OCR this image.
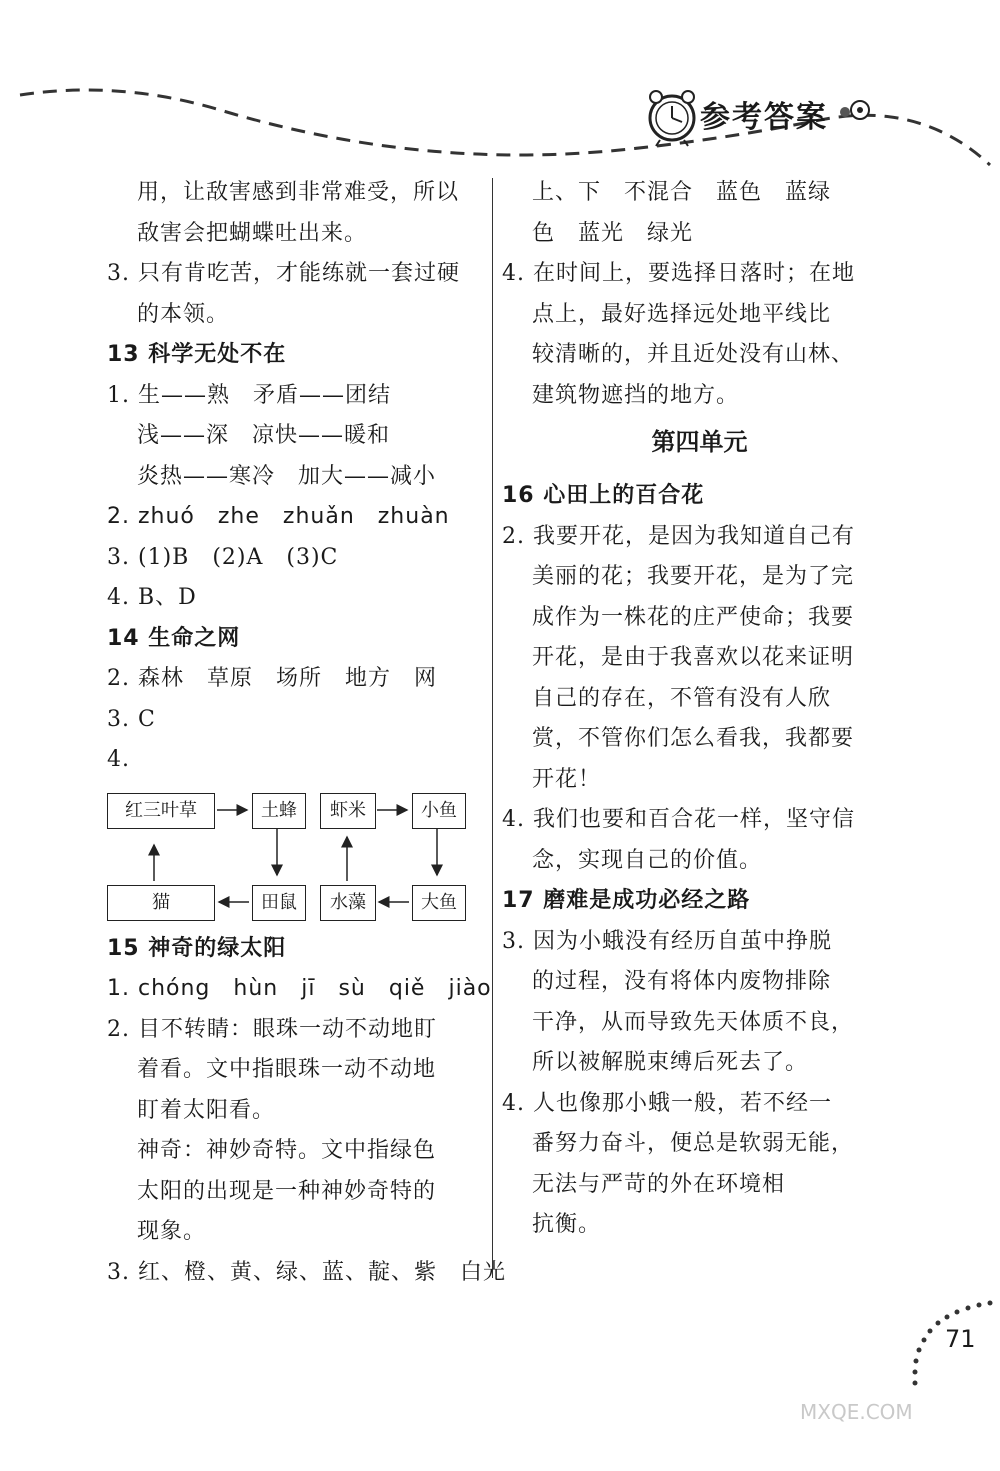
参考答案
用，让敌害感到非常难受，所以
敌害会把蝴蝶吐出来。
3. 只有肯吃苦，才能练就一套过硬
的本领。
13 科学无处不在
1. 生——熟　矛盾——团结
浅——深　凉快——暖和
炎热——寒冷　加大——减小
2. zhuó　zhe　zhuǎn　zhuàn
3. (1)B　(2)A　(3)C
4. B、D
14 生命之网
2. 森林　草原　场所　地方　网
3. C
4.
红三叶草	土蜂	虾米	小鱼
猫	田鼠	水藻	大鱼
15 神奇的绿太阳
1. chóng　hùn　jī　sù　qiě　jiào
2. 目不转睛：眼珠一动不动地盯
着看。文中指眼珠一动不动地
盯着太阳看。
神奇：神妙奇特。文中指绿色
太阳的出现是一种神妙奇特的
现象。
3. 红、橙、黄、绿、蓝、靛、紫　白光
上、下　不混合　蓝色　蓝绿
色　蓝光　绿光
4. 在时间上，要选择日落时；在地
点上，最好选择远处地平线比
较清晰的，并且近处没有山林、
建筑物遮挡的地方。
第四单元
16 心田上的百合花
2. 我要开花，是因为我知道自己有
美丽的花；我要开花，是为了完
成作为一株花的庄严使命；我要
开花，是由于我喜欢以花来证明
自己的存在，不管有没有人欣
赏，不管你们怎么看我，我都要
开花！
4. 我们也要和百合花一样，坚守信
念，实现自己的价值。
17 磨难是成功必经之路
3. 因为小蛾没有经历自茧中挣脱
的过程，没有将体内废物排除
干净，从而导致先天体质不良，
所以被解脱束缚后死去了。
4. 人也像那小蛾一般，若不经一
番努力奋斗，便总是软弱无能，
无法与严苛的外在环境相
抗衡。
71
MXQE.COM
